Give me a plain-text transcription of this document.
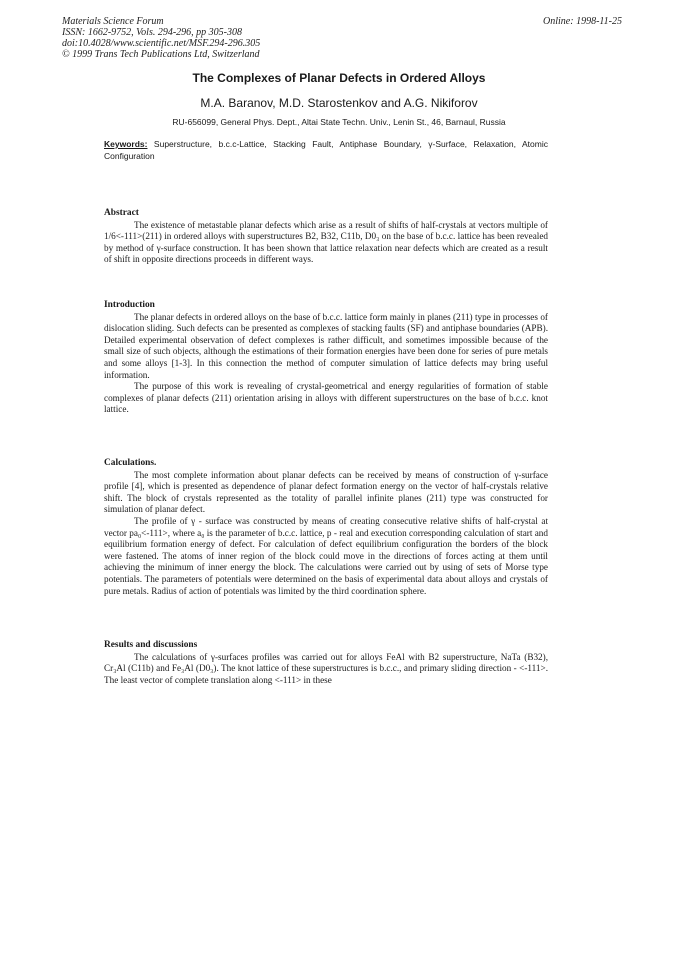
Materials Science Forum
ISSN: 1662-9752, Vols. 294-296, pp 305-308
doi:10.4028/www.scientific.net/MSF.294-296.305
© 1999 Trans Tech Publications Ltd, Switzerland
Online: 1998-11-25
The Complexes of Planar Defects in Ordered Alloys
M.A. Baranov, M.D. Starostenkov and A.G. Nikiforov
RU-656099, General Phys. Dept., Altai State Techn. Univ., Lenin St., 46, Barnaul, Russia
Keywords: Superstructure, b.c.c-Lattice, Stacking Fault, Antiphase Boundary, γ-Surface, Relaxation, Atomic Configuration

Abstract

The existence of metastable planar defects which arise as a result of shifts of half-crystals at vectors multiple of 1/6<-111>(211) in ordered alloys with superstructures B2, B32, C11b, D0₃ on the base of b.c.c. lattice has been revealed by method of γ-surface construction. It has been shown that lattice relaxation near defects which are created as a result of shift in opposite directions proceeds in different ways.

Introduction

The planar defects in ordered alloys on the base of b.c.c. lattice form mainly in planes (211) type in processes of dislocation sliding. Such defects can be presented as complexes of stacking faults (SF) and antiphase boundaries (APB). Detailed experimental observation of defect complexes is rather difficult, and sometimes impossible because of the small size of such objects, although the estimations of their formation energies have been done for series of pure metals and some alloys [1-3]. In this connection the method of computer simulation of lattice defects may bring useful information.

The purpose of this work is revealing of crystal-geometrical and energy regularities of formation of stable complexes of planar defects (211) orientation arising in alloys with different superstructures on the base of b.c.c. knot lattice.

Calculations.

The most complete information about planar defects can be received by means of construction of γ-surface profile [4], which is presented as dependence of planar defect formation energy on the vector of half-crystals relative shift. The block of crystals represented as the totality of parallel infinite planes (211) type was constructed for simulation of planar defect.

The profile of γ - surface was constructed by means of creating consecutive relative shifts of half-crystal at vector pa₀<-111>, where a₀ is the parameter of b.c.c. lattice, p - real and execution corresponding calculation of start and equilibrium formation energy of defect. For calculation of defect equilibrium configuration the borders of the block were fastened. The atoms of inner region of the block could move in the directions of forces acting at them until achieving the minimum of inner energy the block. The calculations were carried out by using of sets of Morse type potentials. The parameters of potentials were determined on the basis of experimental data about alloys and crystals of pure metals. Radius of action of potentials was limited by the third coordination sphere.

Results and discussions

The calculations of γ-surfaces profiles was carried out for alloys FeAl with B2 superstructure, NaTa (B32), Cr₃Al (C11b) and Fe₃Al (D0₃). The knot lattice of these superstructures is b.c.c., and primary sliding direction - <-111>. The least vector of complete translation along <-111> in these
